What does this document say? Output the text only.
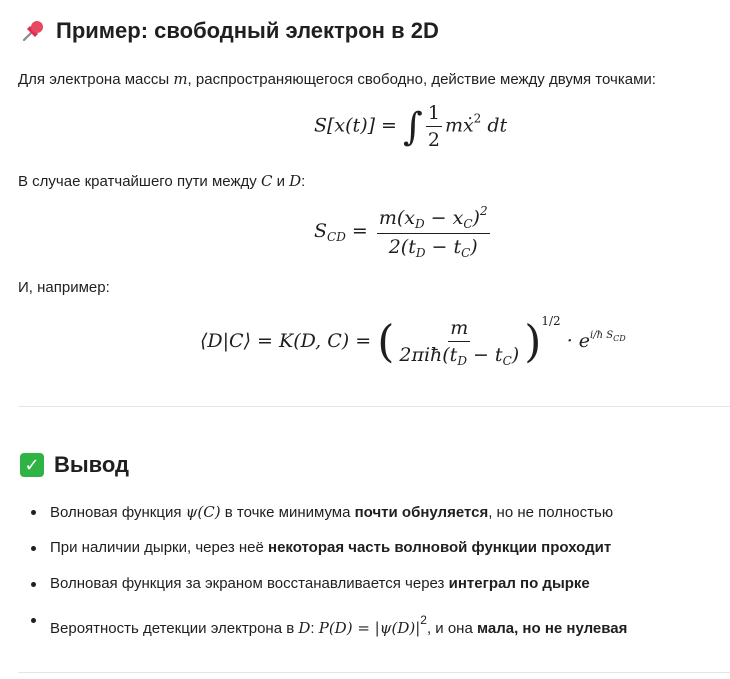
Пример: свободный электрон в 2D

Для электрона массы m, распространяющегося свободно, действие между двумя точками:

S[x(t)] = ∫ $\frac{1}{2}$ mẋ$^2$ dt

В случае кратчайшего пути между C и D:

$S_{CD} = \frac{m(x_D - x_C)^2}{2(t_D - t_C)}$

И, например:

⟨D|C⟩ = K(D, C) = ( $\frac{m}{2\pi iħ(t_D - t_C)} )^{1/2} \cdot e^{i/ħ SCD}$
✓ Вывод
Волновая функция ψ(C) в точке минимума почти обнуляется, но не полностью
При наличии дырки, через неё некоторая часть волновой функции проходит
Волновая функция за экраном восстанавливается через интеграл по дырке
Вероятность детекции электрона в D: $P(D) = |\psi(D)|^2$, и она мала, но не нулевая
